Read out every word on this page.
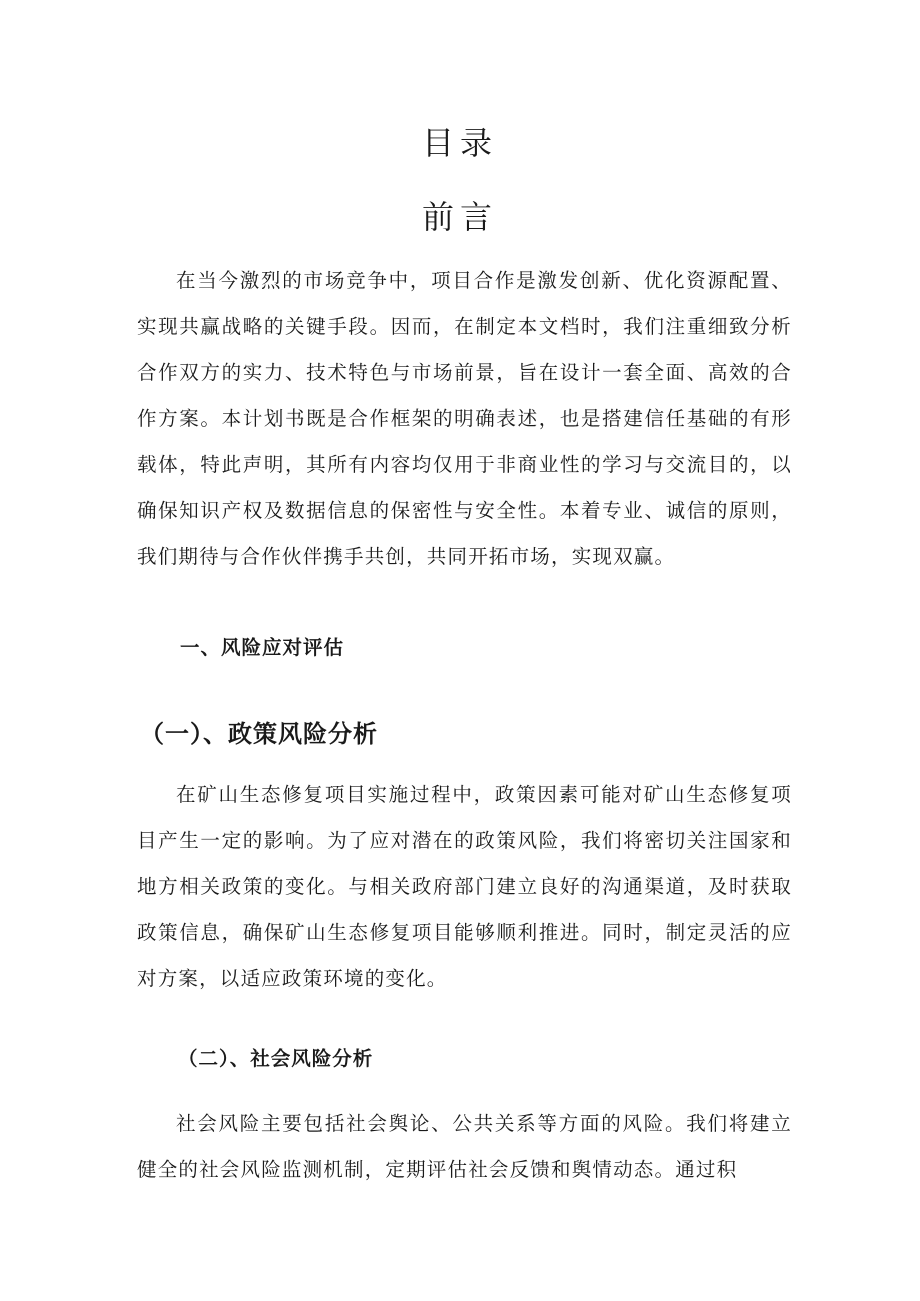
目录
前言

在当今激烈的市场竞争中，项目合作是激发创新、优化资源配置、实现共赢战略的关键手段。因而，在制定本文档时，我们注重细致分析合作双方的实力、技术特色与市场前景，旨在设计一套全面、高效的合作方案。本计划书既是合作框架的明确表述，也是搭建信任基础的有形载体，特此声明，其所有内容均仅用于非商业性的学习与交流目的，以确保知识产权及数据信息的保密性与安全性。本着专业、诚信的原则，我们期待与合作伙伴携手共创，共同开拓市场，实现双赢。

一、风险应对评估
（一）、政策风险分析

在矿山生态修复项目实施过程中，政策因素可能对矿山生态修复项目产生一定的影响。为了应对潜在的政策风险，我们将密切关注国家和地方相关政策的变化。与相关政府部门建立良好的沟通渠道，及时获取政策信息，确保矿山生态修复项目能够顺利推进。同时，制定灵活的应对方案，以适应政策环境的变化。

（二）、社会风险分析

社会风险主要包括社会舆论、公共关系等方面的风险。我们将建立健全的社会风险监测机制，定期评估社会反馈和舆情动态。通过积
